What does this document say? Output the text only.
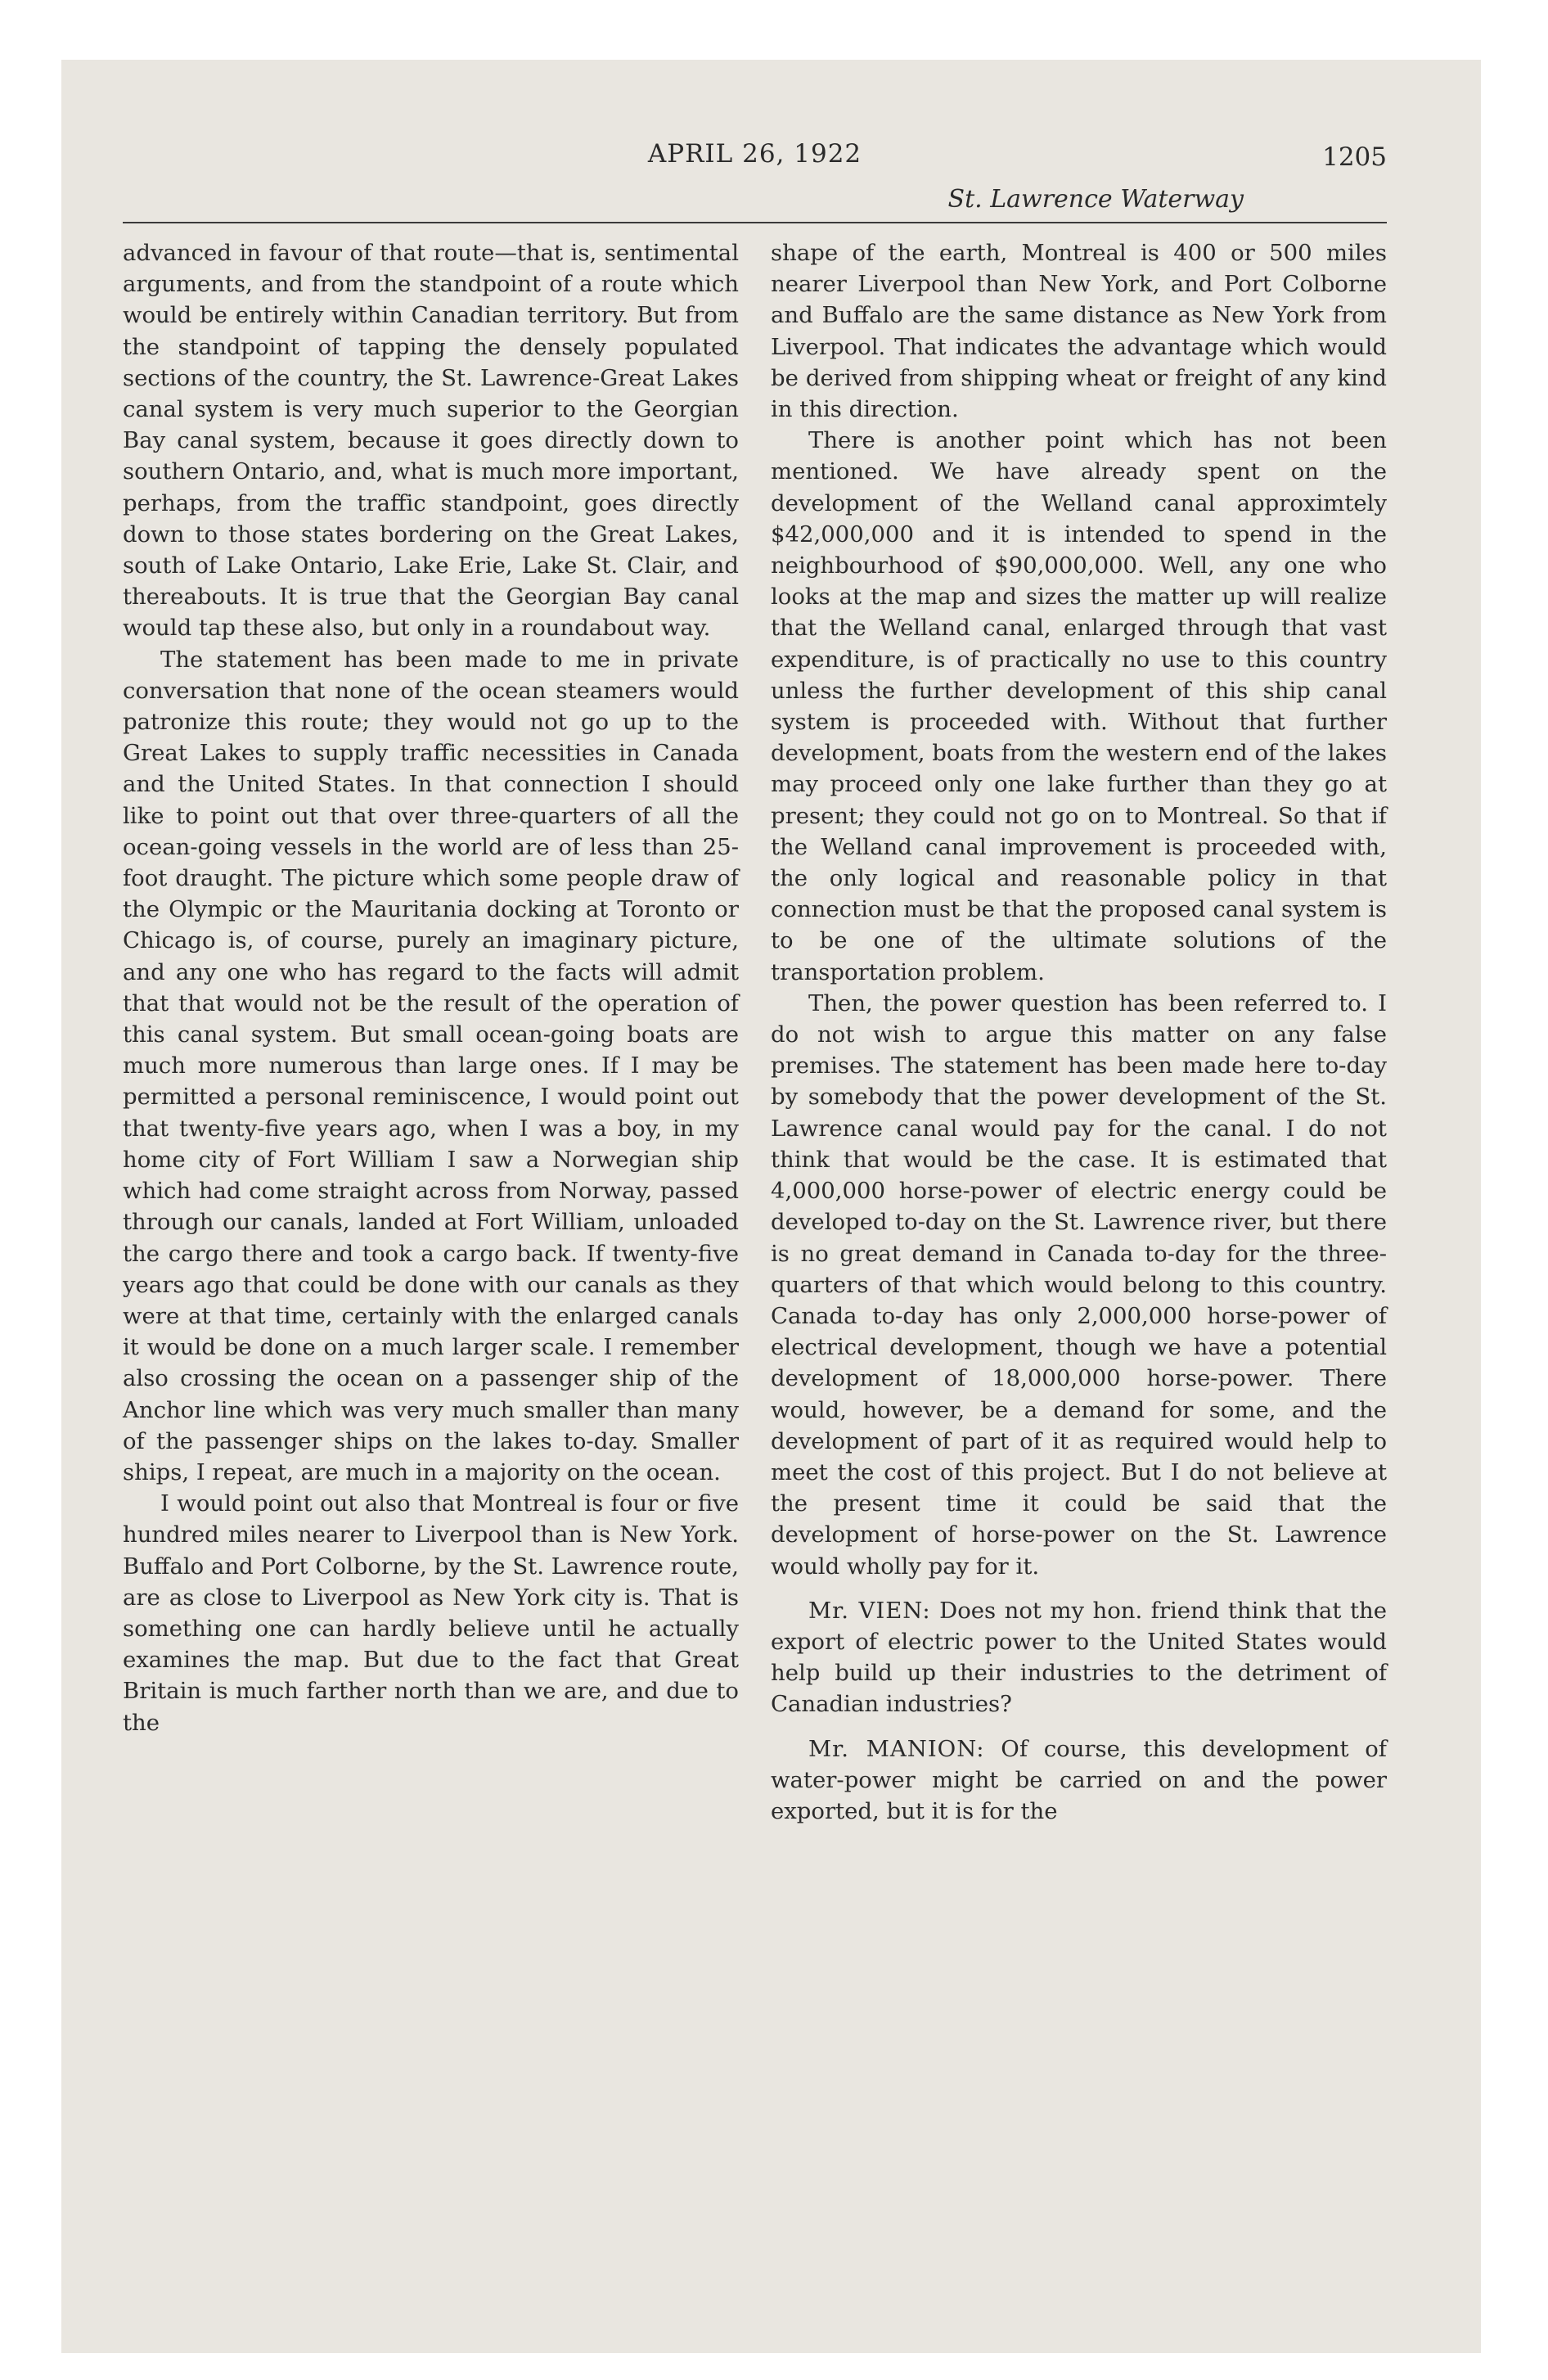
APRIL 26, 1922	1205
St. Lawrence Waterway

advanced in favour of that route—that is, sentimental arguments, and from the standpoint of a route which would be entirely within Canadian territory. But from the standpoint of tapping the densely populated sections of the country, the St. Lawrence-Great Lakes canal system is very much superior to the Georgian Bay canal system, because it goes directly down to southern Ontario, and, what is much more important, perhaps, from the traffic standpoint, goes directly down to those states bordering on the Great Lakes, south of Lake Ontario, Lake Erie, Lake St. Clair, and thereabouts. It is true that the Georgian Bay canal would tap these also, but only in a roundabout way.

The statement has been made to me in private conversation that none of the ocean steamers would patronize this route; they would not go up to the Great Lakes to supply traffic necessities in Canada and the United States. In that connection I should like to point out that over three-quarters of all the ocean-going vessels in the world are of less than 25-foot draught. The picture which some people draw of the Olympic or the Mauritania docking at Toronto or Chicago is, of course, purely an imaginary picture, and any one who has regard to the facts will admit that that would not be the result of the operation of this canal system. But small ocean-going boats are much more numerous than large ones. If I may be permitted a personal reminiscence, I would point out that twenty-five years ago, when I was a boy, in my home city of Fort William I saw a Norwegian ship which had come straight across from Norway, passed through our canals, landed at Fort William, unloaded the cargo there and took a cargo back. If twenty-five years ago that could be done with our canals as they were at that time, certainly with the enlarged canals it would be done on a much larger scale. I remember also crossing the ocean on a passenger ship of the Anchor line which was very much smaller than many of the passenger ships on the lakes to-day. Smaller ships, I repeat, are much in a majority on the ocean.

I would point out also that Montreal is four or five hundred miles nearer to Liverpool than is New York. Buffalo and Port Colborne, by the St. Lawrence route, are as close to Liverpool as New York city is. That is something one can hardly believe until he actually examines the map. But due to the fact that Great Britain is much farther north than we are, and due to the

shape of the earth, Montreal is 400 or 500 miles nearer Liverpool than New York, and Port Colborne and Buffalo are the same distance as New York from Liverpool. That indicates the advantage which would be derived from shipping wheat or freight of any kind in this direction.

There is another point which has not been mentioned. We have already spent on the development of the Welland canal approximtely $42,000,000 and it is intended to spend in the neighbourhood of $90,000,000. Well, any one who looks at the map and sizes the matter up will realize that the Welland canal, enlarged through that vast expenditure, is of practically no use to this country unless the further development of this ship canal system is proceeded with. Without that further development, boats from the western end of the lakes may proceed only one lake further than they go at present; they could not go on to Montreal. So that if the Welland canal improvement is proceeded with, the only logical and reasonable policy in that connection must be that the proposed canal system is to be one of the ultimate solutions of the transportation problem.

Then, the power question has been referred to. I do not wish to argue this matter on any false premises. The statement has been made here to-day by somebody that the power development of the St. Lawrence canal would pay for the canal. I do not think that would be the case. It is estimated that 4,000,000 horse-power of electric energy could be developed to-day on the St. Lawrence river, but there is no great demand in Canada to-day for the three-quarters of that which would belong to this country. Canada to-day has only 2,000,000 horse-power of electrical development, though we have a potential development of 18,000,000 horse-power. There would, however, be a demand for some, and the development of part of it as required would help to meet the cost of this project. But I do not believe at the present time it could be said that the development of horse-power on the St. Lawrence would wholly pay for it.

Mr. VIEN: Does not my hon. friend think that the export of electric power to the United States would help build up their industries to the detriment of Canadian industries?

Mr. MANION: Of course, this development of water-power might be carried on and the power exported, but it is for the
